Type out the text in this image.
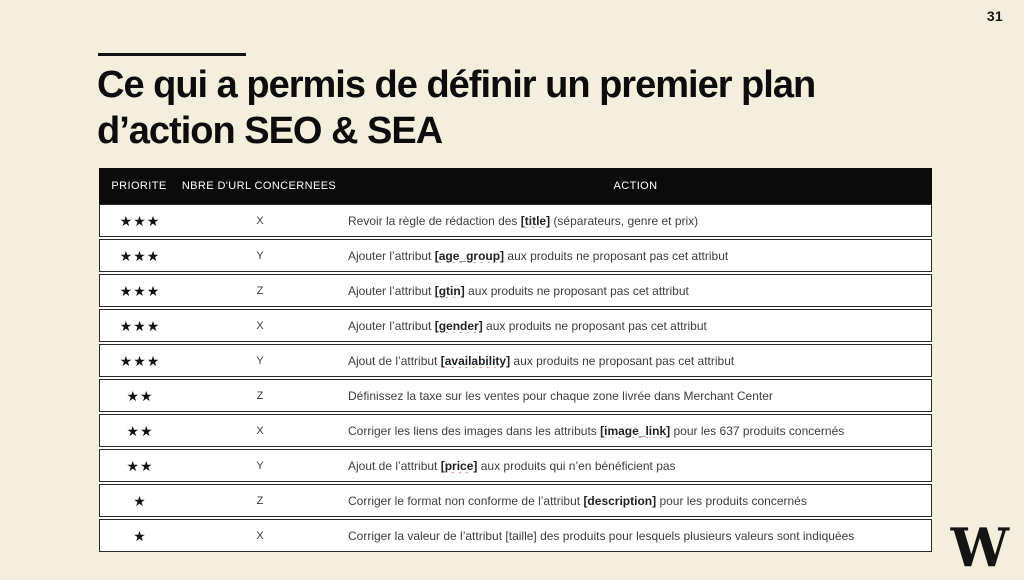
31
Ce qui a permis de définir un premier plan
d’action SEO & SEA
PRIORITE	NBRE D'URL CONCERNEES	ACTION
★★★	X	Revoir la règle de rédaction des [title] (séparateurs, genre et prix)
★★★	Y	Ajouter l’attribut [age_group] aux produits ne proposant pas cet attribut
★★★	Z	Ajouter l’attribut [gtin] aux produits ne proposant pas cet attribut
★★★	X	Ajouter l’attribut [gender] aux produits ne proposant pas cet attribut
★★★	Y	Ajout de l’attribut [availability] aux produits ne proposant pas cet attribut
★★	Z	Définissez la taxe sur les ventes pour chaque zone livrée dans Merchant Center
★★	X	Corriger les liens des images dans les attributs [image_link] pour les 637 produits concernés
★★	Y	Ajout de l’attribut [price] aux produits qui n’en bénéficient pas
★	Z	Corriger le format non conforme de l’attribut [description] pour les produits concernés
★	X	Corriger la valeur de l’attribut [taille] des produits pour lesquels plusieurs valeurs sont indiquées	W
